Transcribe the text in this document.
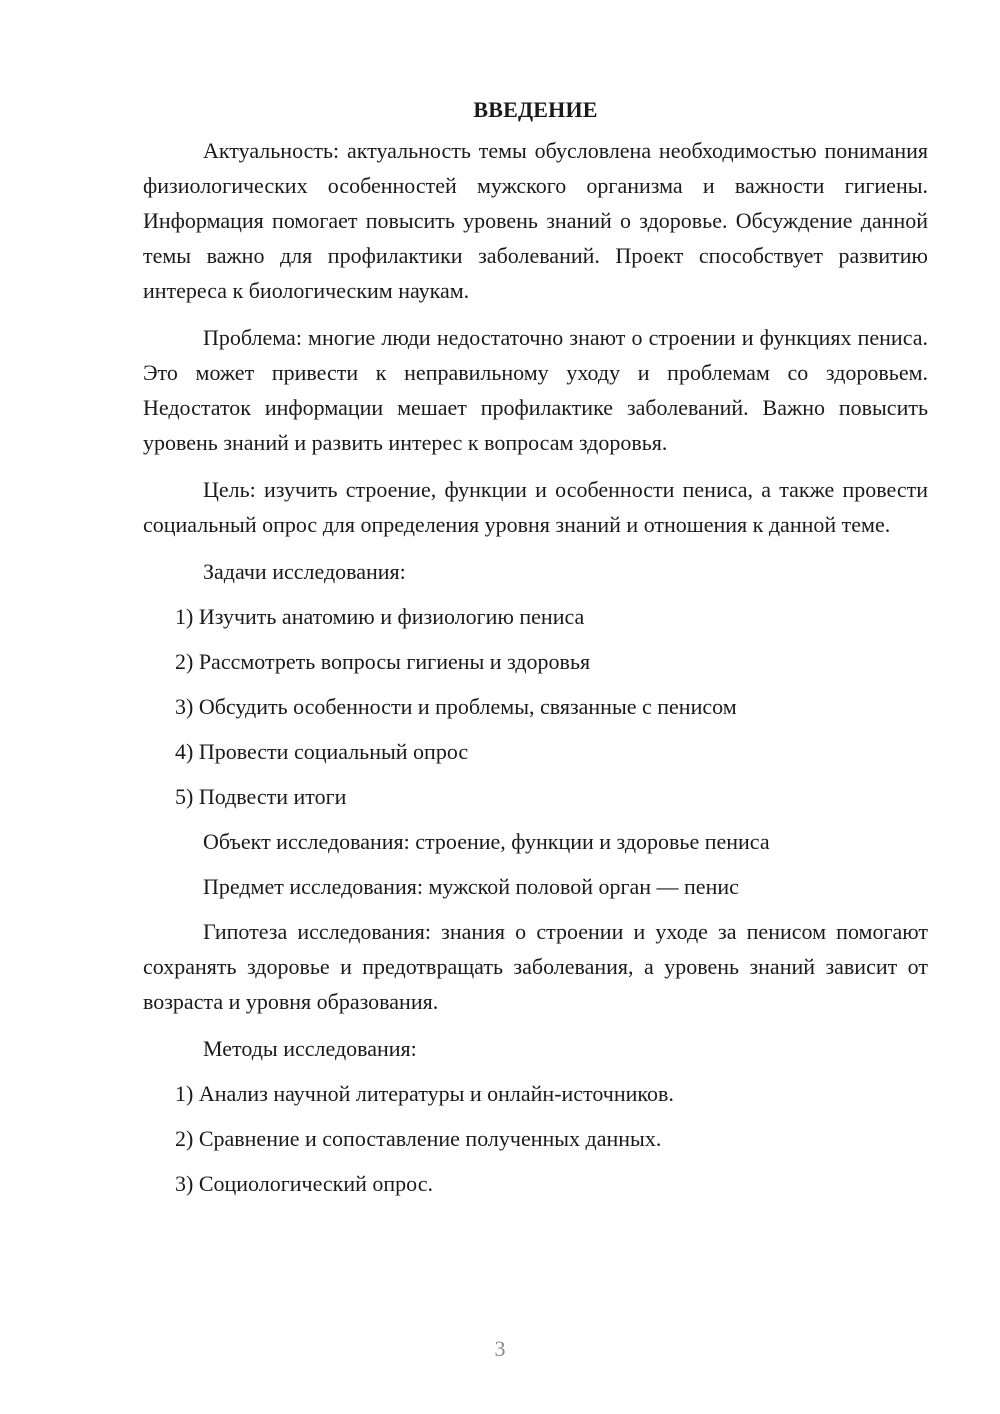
ВВЕДЕНИЕ

Актуальность: актуальность темы обусловлена необходимостью понимания физиологических особенностей мужского организма и важности гигиены. Информация помогает повысить уровень знаний о здоровье. Обсуждение данной темы важно для профилактики заболеваний. Проект способствует развитию интереса к биологическим наукам.

Проблема: многие люди недостаточно знают о строении и функциях пениса. Это может привести к неправильному уходу и проблемам со здоровьем. Недостаток информации мешает профилактике заболеваний. Важно повысить уровень знаний и развить интерес к вопросам здоровья.

Цель: изучить строение, функции и особенности пениса, а также провести социальный опрос для определения уровня знаний и отношения к данной теме.

Задачи исследования:
1) Изучить анатомию и физиологию пениса
2) Рассмотреть вопросы гигиены и здоровья
3) Обсудить особенности и проблемы, связанные с пенисом
4) Провести социальный опрос
5) Подвести итоги
Объект исследования: строение, функции и здоровье пениса
Предмет исследования: мужской половой орган — пенис

Гипотеза исследования: знания о строении и уходе за пенисом помогают сохранять здоровье и предотвращать заболевания, а уровень знаний зависит от возраста и уровня образования.

Методы исследования:
1) Анализ научной литературы и онлайн-источников.
2) Сравнение и сопоставление полученных данных.
3) Социологический опрос.
3
